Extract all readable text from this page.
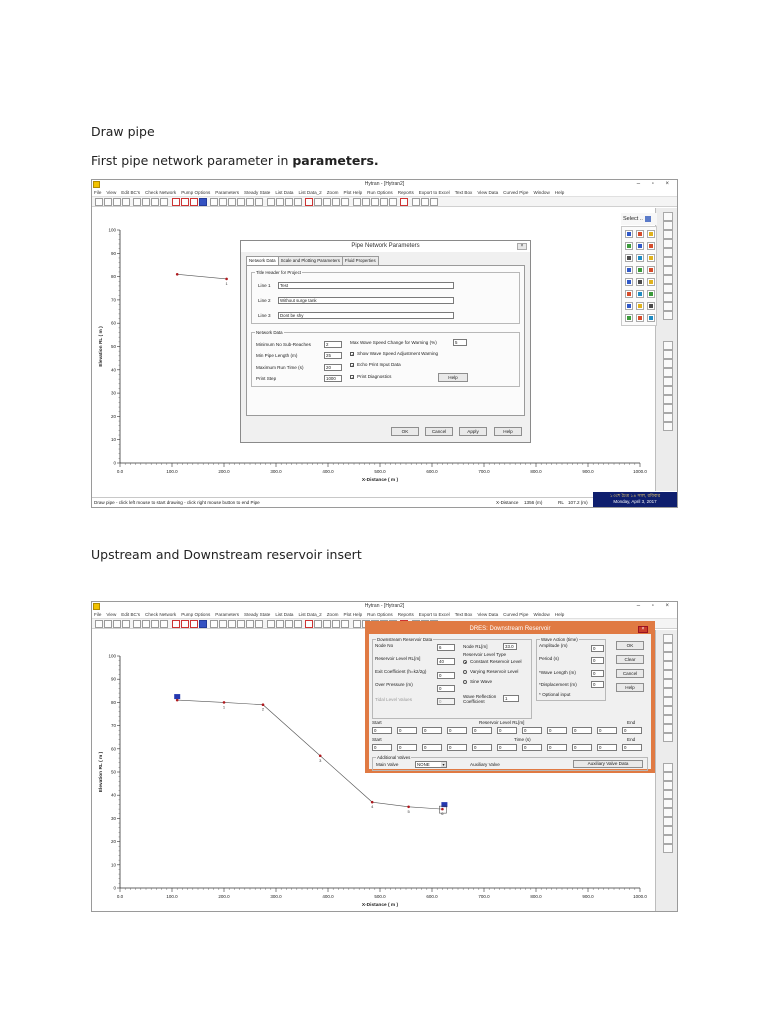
Draw pipe
First pipe network parameter in parameters.
Upstream and Downstream reservoir insert
Hytran - [Hytran2]	– ▫ ×
File View Edit BC's Check Network Pump Options Parameters Steady State List Data List Data_2 Zoom Plot Help Run Options Reports Export to Excel Text Box View Data Curved Pipe Window Help
0
10
20
30
40
50
60
70
80
90
100
0.0	100.0	200.0	300.0	400.0	500.0	600.0	700.0	800.0	900.0	1000.0
X-Distance ( m )
Elevation RL ( m )
1
Select ..
Pipe Network Parameters	×
Network Data Scale and Plotting Parameters Fluid Properties
Title Header for Project
Line 1	Test
Line 2	Without surge tank
Line 3	Dont be shy
Network Data
Minimum No Sub-Reaches	2
Min Pipe Length (m)	25
Maximum Run Time (s)	20
Print Step	1000
Max Wave Speed Change for Warning (%)	5
✓ Show Wave Speed Adjustment Warning
✓ Echo Print Input Data
✓ Print Diagnostics	Help
OK	Cancel	Apply	Help
Draw pipe - click left mouse to start drawing - click right mouse button to end Pipe	X-Distance 1356 (m)	RL 107.2 (m)
১৩শে চৈত্র ১৪ সাল, রবিবার
Monday, April 3, 2017
Hytran - [Hytran2]	– ▫ ×
File View Edit BC's Check Network Pump Options Parameters Steady State List Data List Data_2 Zoom Plot Help Run Options Reports Export to Excel Text Box View Data Curved Pipe Window Help
0
10
20
30
40
50
60
70
80
90
100
0.0	100.0	200.0	300.0	400.0	500.0	600.0	700.0	800.0	900.0	1000.0
X-Distance ( m )
Elevation RL ( m )
1	2
3
4
5	6
DRES: Downstream Reservoir	×
Downstream Reservoir Data
Node No	6	Node RL[m]	33.0
Reservoir Level RL[m]
40
Exit Coefficient (h=k2/2g)
0
Over Pressure (m)
0
Tidal Level Values	0
Reservoir Level Type
Constant Reservoir Level
Varying Reservoir Level
Sine Wave
Wave Reflection Coefficient
1
Wave Action (time)
Amplitude (m)
0
Period (s)	0
*Wave Length (m)	0
*Displacement (m)	0
* Optional input
OK
Clear
Cancel
Help
Start	Reservoir Level RL[m]	End
0	0	0	0	0	0	0	0	0	0	0
Start	Time (s)	End
0	0	0	0	0	0	0	0	0	0	0
Additional Valves
Main Valve	NONE	▾	Auxiliary Valve	Auxiliary Valve Data
